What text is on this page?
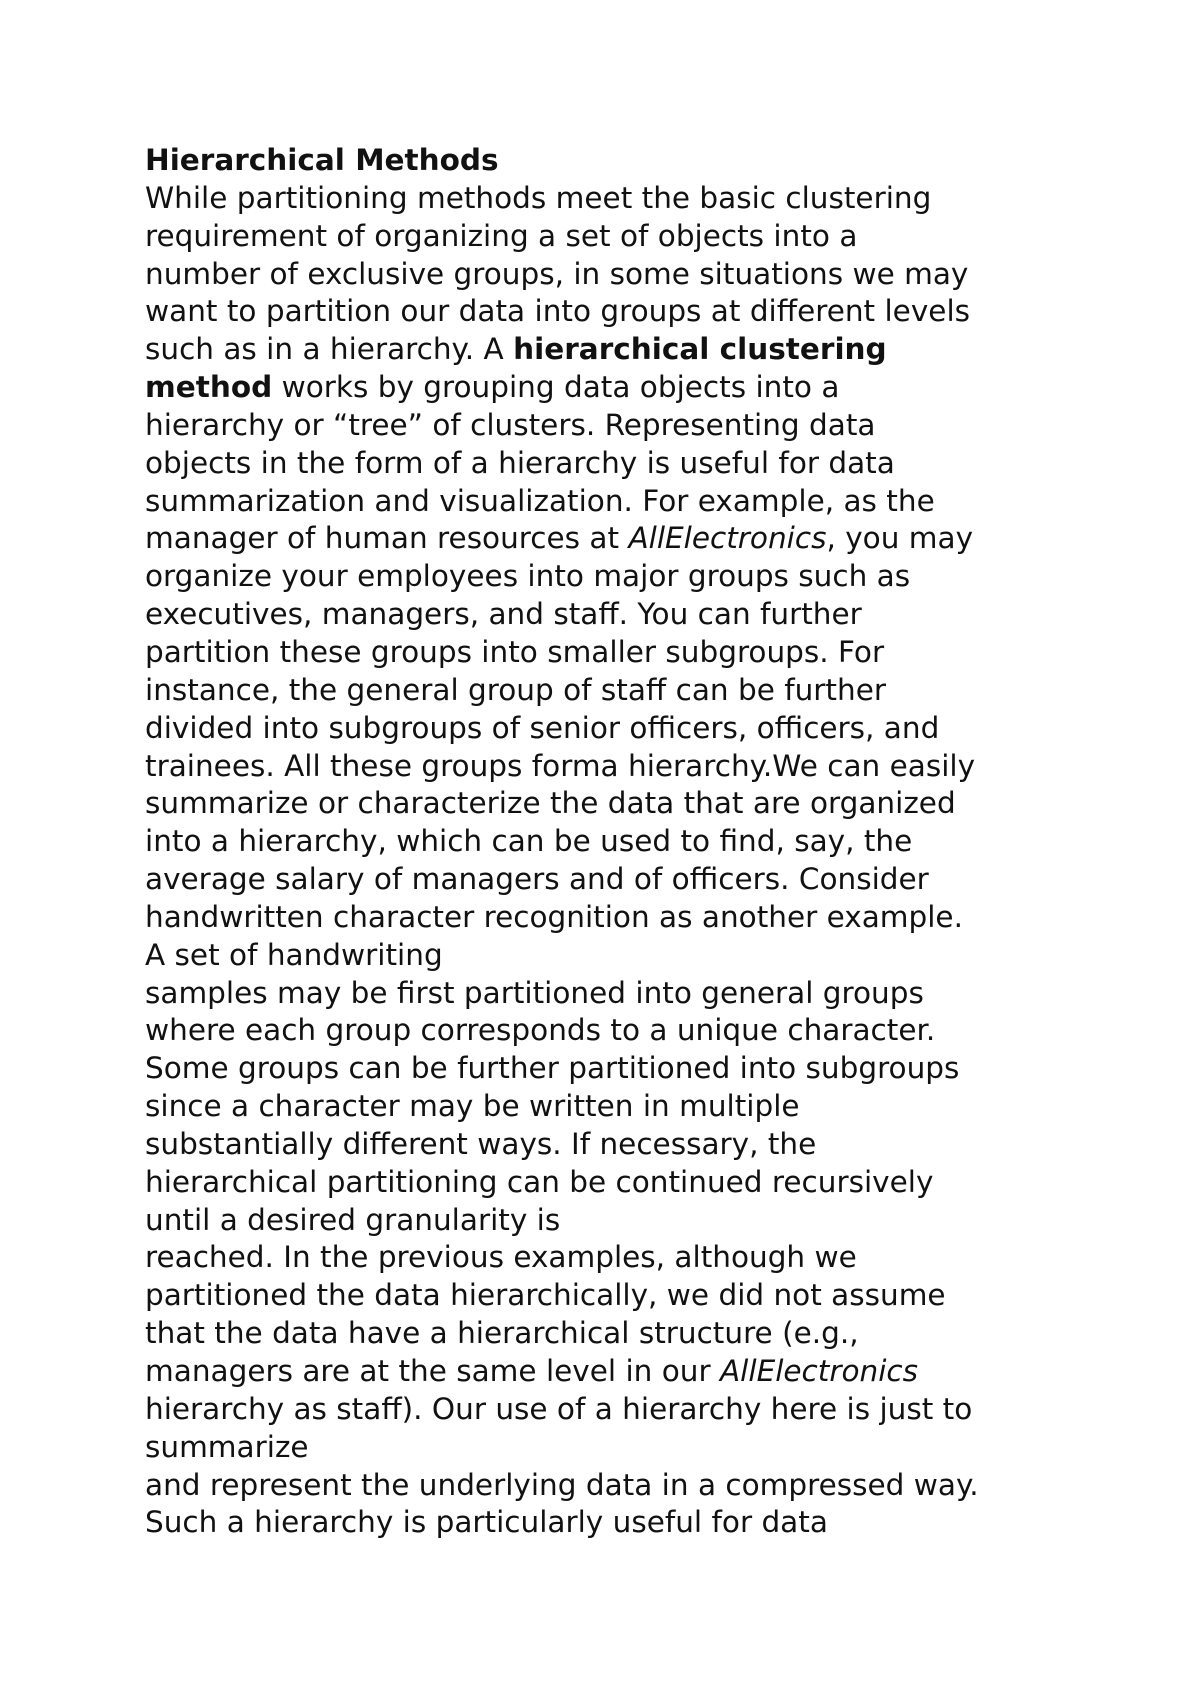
Hierarchical Methods
While partitioning methods meet the basic clustering
requirement of organizing a set of objects into a
number of exclusive groups, in some situations we may
want to partition our data into groups at different levels
such as in a hierarchy. A hierarchical clustering
method works by grouping data objects into a
hierarchy or “tree” of clusters. Representing data
objects in the form of a hierarchy is useful for data
summarization and visualization. For example, as the
manager of human resources at AllElectronics, you may
organize your employees into major groups such as
executives, managers, and staff. You can further
partition these groups into smaller subgroups. For
instance, the general group of staff can be further
divided into subgroups of senior officers, officers, and
trainees. All these groups forma hierarchy.We can easily
summarize or characterize the data that are organized
into a hierarchy, which can be used to find, say, the
average salary of managers and of officers. Consider
handwritten character recognition as another example.
A set of handwriting
samples may be first partitioned into general groups
where each group corresponds to a unique character.
Some groups can be further partitioned into subgroups
since a character may be written in multiple
substantially different ways. If necessary, the
hierarchical partitioning can be continued recursively
until a desired granularity is
reached. In the previous examples, although we
partitioned the data hierarchically, we did not assume
that the data have a hierarchical structure (e.g.,
managers are at the same level in our AllElectronics
hierarchy as staff). Our use of a hierarchy here is just to
summarize
and represent the underlying data in a compressed way.
Such a hierarchy is particularly useful for data
